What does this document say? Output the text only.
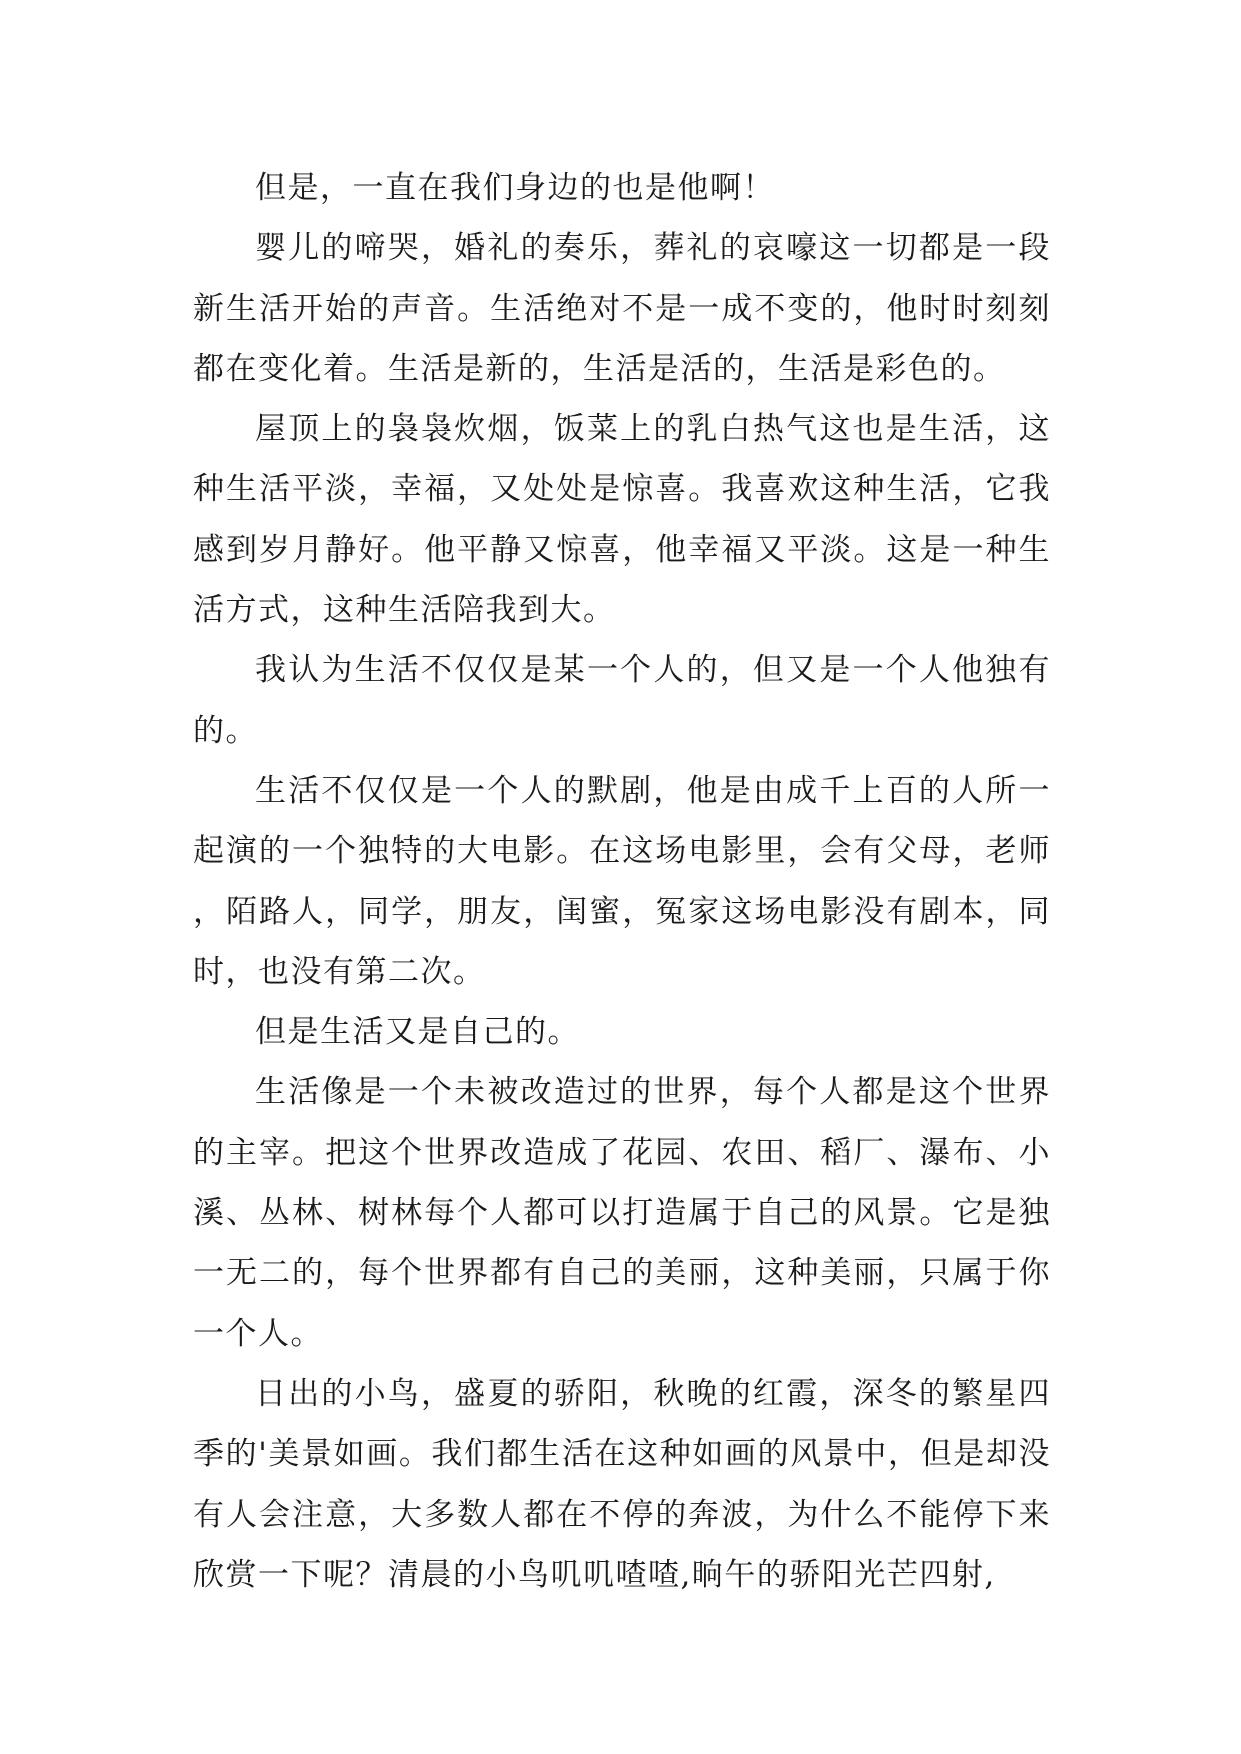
但是，一直在我们身边的也是他啊！

婴儿的啼哭，婚礼的奏乐，葬礼的哀嚎这一切都是一段新生活开始的声音。生活绝对不是一成不变的，他时时刻刻都在变化着。生活是新的，生活是活的，生活是彩色的。

屋顶上的袅袅炊烟，饭菜上的乳白热气这也是生活，这种生活平淡，幸福，又处处是惊喜。我喜欢这种生活，它我感到岁月静好。他平静又惊喜，他幸福又平淡。这是一种生活方式，这种生活陪我到大。

我认为生活不仅仅是某一个人的，但又是一个人他独有的。

生活不仅仅是一个人的默剧，他是由成千上百的人所一起演的一个独特的大电影。在这场电影里，会有父母，老师，陌路人，同学，朋友，闺蜜，冤家这场电影没有剧本，同时，也没有第二次。

但是生活又是自己的。

生活像是一个未被改造过的世界，每个人都是这个世界的主宰。把这个世界改造成了花园、农田、稻厂、瀑布、小溪、丛林、树林每个人都可以打造属于自己的风景。它是独一无二的，每个世界都有自己的美丽，这种美丽，只属于你一个人。

日出的小鸟，盛夏的骄阳，秋晚的红霞，深冬的繁星四季的'美景如画。我们都生活在这种如画的风景中，但是却没有人会注意，大多数人都在不停的奔波，为什么不能停下来欣赏一下呢？清晨的小鸟叽叽喳喳,晌午的骄阳光芒四射,
